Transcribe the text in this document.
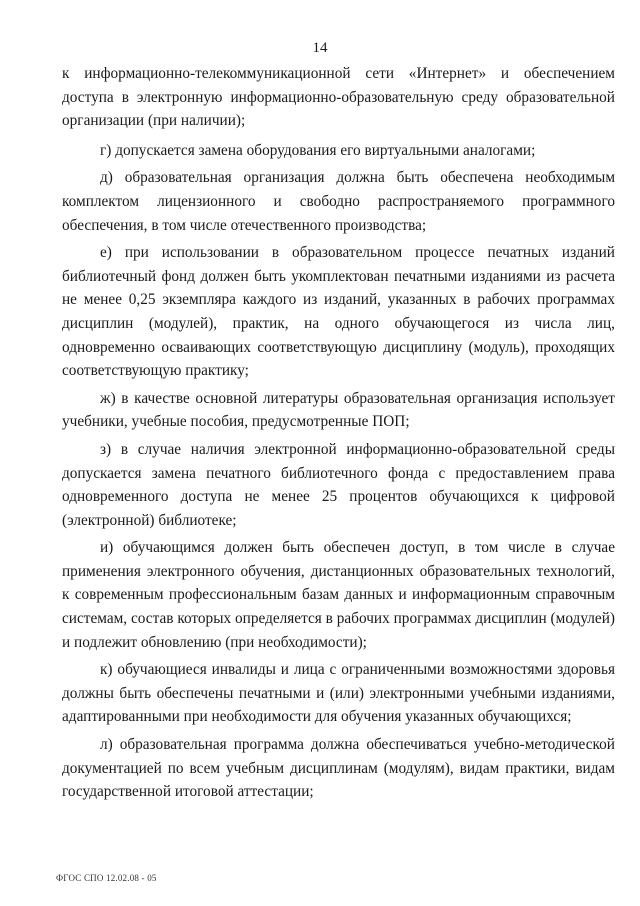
14

к информационно-телекоммуникационной сети «Интернет» и обеспечением доступа в электронную информационно-образовательную среду образовательной организации (при наличии);

г) допускается замена оборудования его виртуальными аналогами;

д) образовательная организация должна быть обеспечена необходимым комплектом лицензионного и свободно распространяемого программного обеспечения, в том числе отечественного производства;

е) при использовании в образовательном процессе печатных изданий библиотечный фонд должен быть укомплектован печатными изданиями из расчета не менее 0,25 экземпляра каждого из изданий, указанных в рабочих программах дисциплин (модулей), практик, на одного обучающегося из числа лиц, одновременно осваивающих соответствующую дисциплину (модуль), проходящих соответствующую практику;

ж) в качестве основной литературы образовательная организация использует учебники, учебные пособия, предусмотренные ПОП;

з) в случае наличия электронной информационно-образовательной среды допускается замена печатного библиотечного фонда с предоставлением права одновременного доступа не менее 25 процентов обучающихся к цифровой (электронной) библиотеке;

и) обучающимся должен быть обеспечен доступ, в том числе в случае применения электронного обучения, дистанционных образовательных технологий, к современным профессиональным базам данных и информационным справочным системам, состав которых определяется в рабочих программах дисциплин (модулей) и подлежит обновлению (при необходимости);

к) обучающиеся инвалиды и лица с ограниченными возможностями здоровья должны быть обеспечены печатными и (или) электронными учебными изданиями, адаптированными при необходимости для обучения указанных обучающихся;

л) образовательная программа должна обеспечиваться учебно-методической документацией по всем учебным дисциплинам (модулям), видам практики, видам государственной итоговой аттестации;

ФГОС СПО 12.02.08 - 05
